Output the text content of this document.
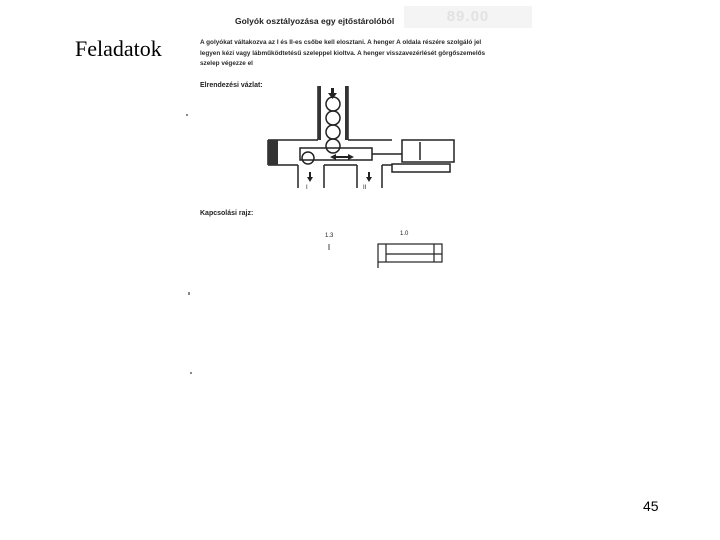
Feladatok
Golyók osztályozása egy ejtőstárolóból	89.00
A golyókat váltakozva az I és II-es csőbe kell elosztani. A henger A oldala részére szolgáló jel
legyen kézi vagy lábműködtetésű szeleppel kioltva. A henger visszavezérlését görgőszemelős
szelep végezze el
Elrendezési vázlat:
Kapcsolási rajz:
I	II
1.3	1.0
45
